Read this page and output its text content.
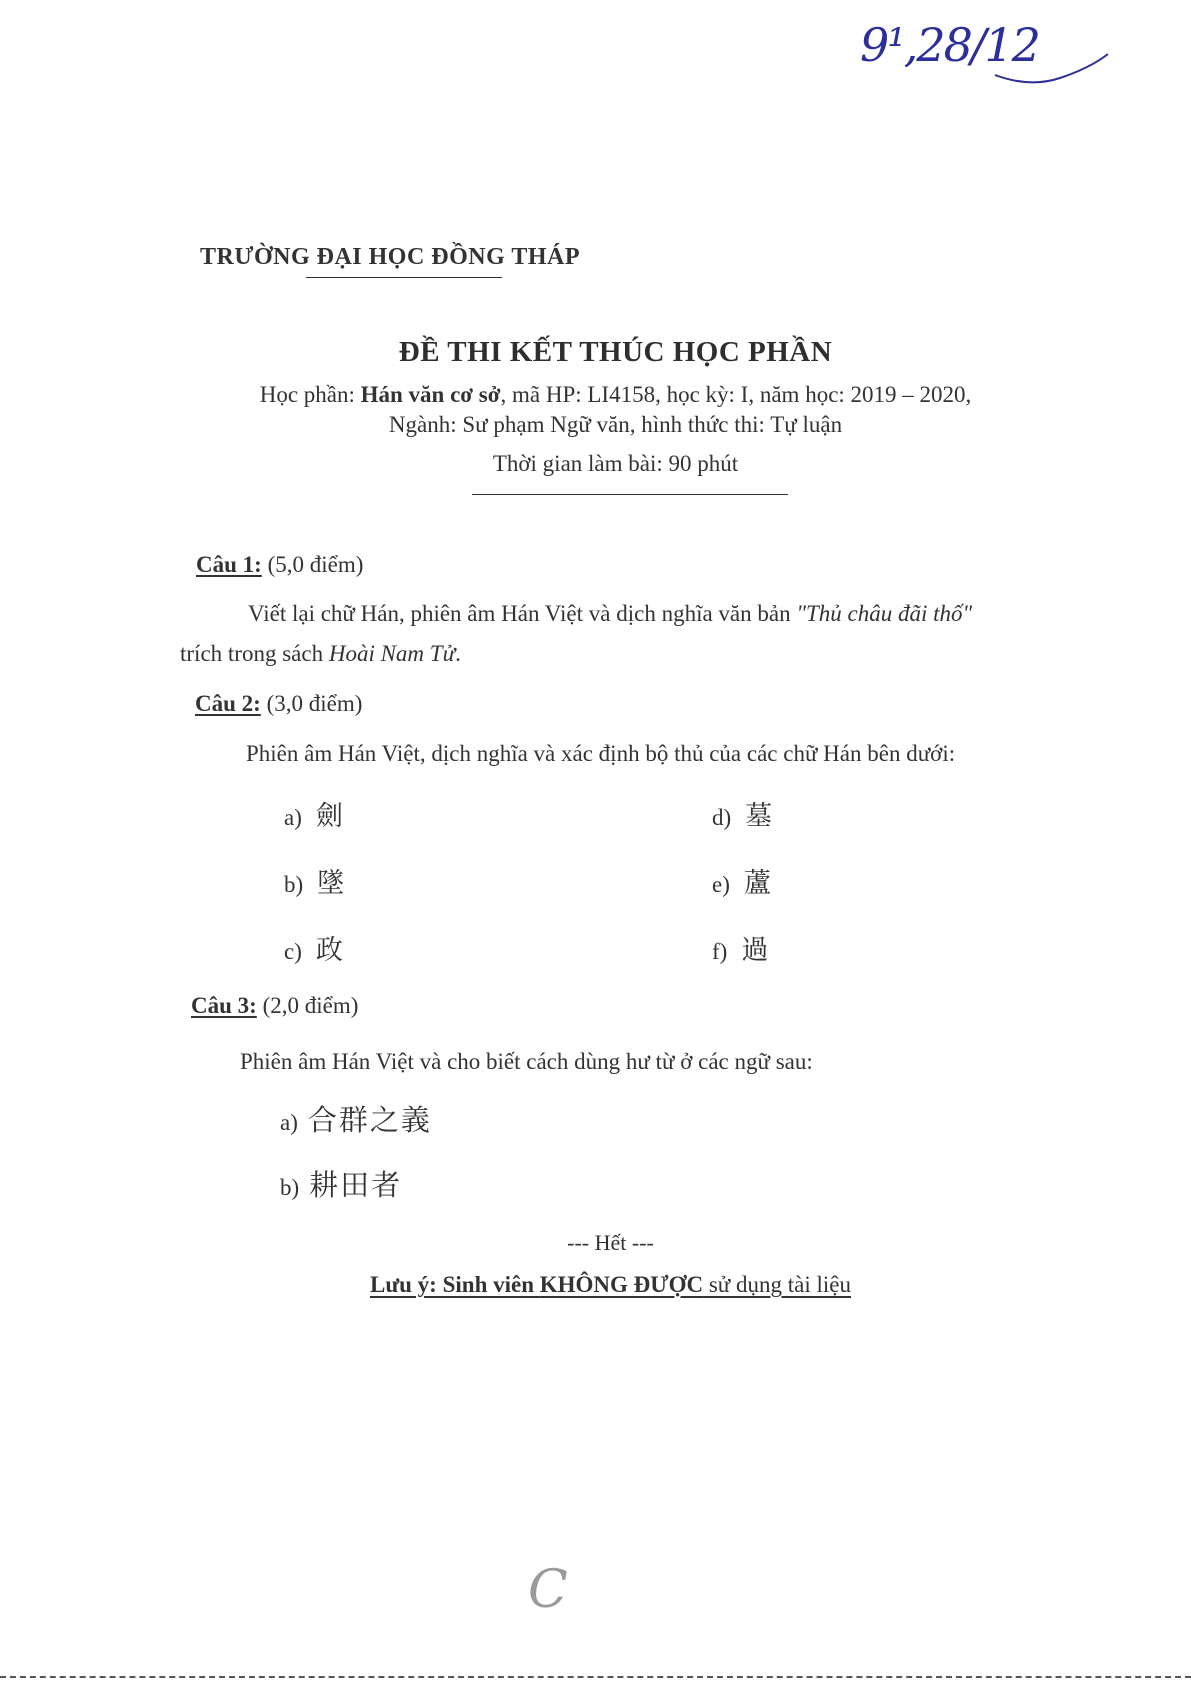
9¹,28/12
TRƯỜNG ĐẠI HỌC ĐỒNG THÁP
ĐỀ THI KẾT THÚC HỌC PHẦN
Học phần: Hán văn cơ sở, mã HP: LI4158, học kỳ: I, năm học: 2019 – 2020,
Ngành: Sư phạm Ngữ văn, hình thức thi: Tự luận
Thời gian làm bài: 90 phút
Câu 1: (5,0 điểm)
Viết lại chữ Hán, phiên âm Hán Việt và dịch nghĩa văn bản "Thủ châu đãi thố"
trích trong sách Hoài Nam Tử.
Câu 2: (3,0 điểm)
Phiên âm Hán Việt, dịch nghĩa và xác định bộ thủ của các chữ Hán bên dưới:
a) 劍
b) 墜
c) 政
d) 墓
e) 蘆
f) 過
Câu 3: (2,0 điểm)
Phiên âm Hán Việt và cho biết cách dùng hư từ ở các ngữ sau:
a) 合群之義
b) 耕田者
--- Hết ---
Lưu ý: Sinh viên KHÔNG ĐƯỢC sử dụng tài liệu
C
